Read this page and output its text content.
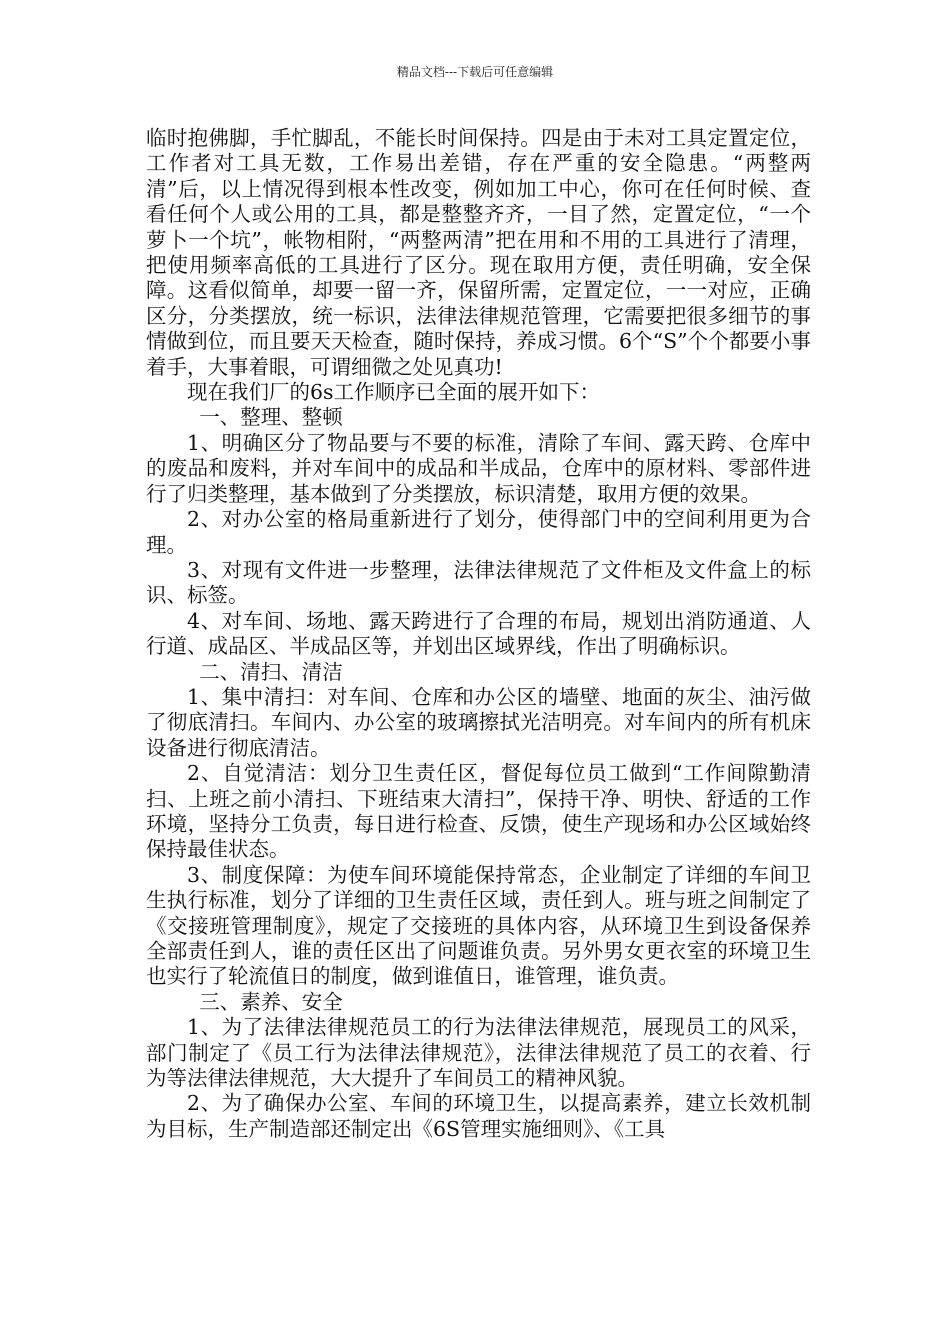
精品文档---下载后可任意编辑

临时抱佛脚，手忙脚乱，不能长时间保持。四是由于未对工具定置定位，工作者对工具无数，工作易出差错，存在严重的安全隐患。“两整两清”后，以上情况得到根本性改变，例如加工中心，你可在任何时候、查看任何个人或公用的工具，都是整整齐齐，一目了然，定置定位，“一个萝卜一个坑”，帐物相附，“两整两清”把在用和不用的工具进行了清理，把使用频率高低的工具进行了区分。现在取用方便，责任明确，安全保障。这看似简单，却要一留一齐，保留所需，定置定位，一一对应，正确区分，分类摆放，统一标识，法律法律规范管理，它需要把很多细节的事情做到位，而且要天天检查，随时保持，养成习惯。6个“S”个个都要小事着手，大事着眼，可谓细微之处见真功!

现在我们厂的6s工作顺序已全面的展开如下：

一、整理、整顿

1、明确区分了物品要与不要的标准，清除了车间、露天跨、仓库中的废品和废料，并对车间中的成品和半成品，仓库中的原材料、零部件进行了归类整理，基本做到了分类摆放，标识清楚，取用方便的效果。

2、对办公室的格局重新进行了划分，使得部门中的空间利用更为合理。

3、对现有文件进一步整理，法律法律规范了文件柜及文件盒上的标识、标签。

4、对车间、场地、露天跨进行了合理的布局，规划出消防通道、人行道、成品区、半成品区等，并划出区域界线，作出了明确标识。

二、清扫、清洁

1、集中清扫：对车间、仓库和办公区的墙壁、地面的灰尘、油污做了彻底清扫。车间内、办公室的玻璃擦拭光洁明亮。对车间内的所有机床设备进行彻底清洁。

2、自觉清洁：划分卫生责任区，督促每位员工做到“工作间隙勤清扫、上班之前小清扫、下班结束大清扫”，保持干净、明快、舒适的工作环境，坚持分工负责，每日进行检查、反馈，使生产现场和办公区域始终保持最佳状态。

3、制度保障：为使车间环境能保持常态，企业制定了详细的车间卫生执行标准，划分了详细的卫生责任区域，责任到人。班与班之间制定了《交接班管理制度》，规定了交接班的具体内容，从环境卫生到设备保养全部责任到人，谁的责任区出了问题谁负责。另外男女更衣室的环境卫生也实行了轮流值日的制度，做到谁值日，谁管理，谁负责。

三、素养、安全

1、为了法律法律规范员工的行为法律法律规范，展现员工的风采，部门制定了《员工行为法律法律规范》，法律法律规范了员工的衣着、行为等法律法律规范，大大提升了车间员工的精神风貌。

2、为了确保办公室、车间的环境卫生，以提高素养，建立长效机制为目标，生产制造部还制定出《6S管理实施细则》、《工具
